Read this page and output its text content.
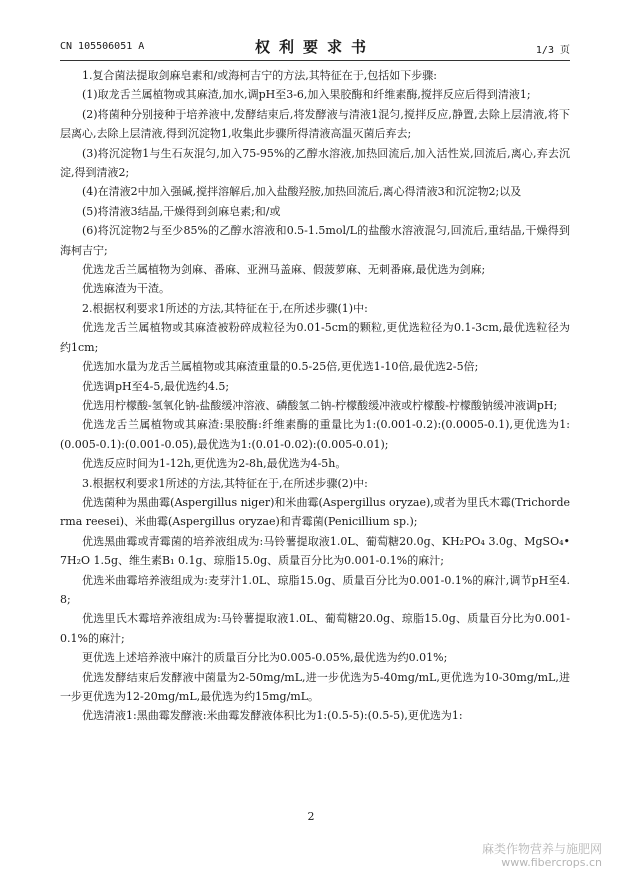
CN 105506051 A	权利要求书	1/3 页

1.复合菌法提取剑麻皂素和/或海柯吉宁的方法,其特征在于,包括如下步骤:

(1)取龙舌兰属植物或其麻渣,加水,调pH至3-6,加入果胶酶和纤维素酶,搅拌反应后得到清液1;

(2)将菌种分别接种于培养液中,发酵结束后,将发酵液与清液1混匀,搅拌反应,静置,去除上层清液,将下层离心,去除上层清液,得到沉淀物1,收集此步骤所得清液高温灭菌后弃去;

(3)将沉淀物1与生石灰混匀,加入75-95%的乙醇水溶液,加热回流后,加入活性炭,回流后,离心,弃去沉淀,得到清液2;

(4)在清液2中加入强碱,搅拌溶解后,加入盐酸羟胺,加热回流后,离心得清液3和沉淀物2;以及

(5)将清液3结晶,干燥得到剑麻皂素;和/或

(6)将沉淀物2与至少85%的乙醇水溶液和0.5-1.5mol/L的盐酸水溶液混匀,回流后,重结晶,干燥得到海柯吉宁;

优选龙舌兰属植物为剑麻、番麻、亚洲马盖麻、假菠萝麻、无刺番麻,最优选为剑麻;

优选麻渣为干渣。

2.根据权利要求1所述的方法,其特征在于,在所述步骤(1)中:

优选龙舌兰属植物或其麻渣被粉碎成粒径为0.01-5cm的颗粒,更优选粒径为0.1-3cm,最优选粒径为约1cm;

优选加水量为龙舌兰属植物或其麻渣重量的0.5-25倍,更优选1-10倍,最优选2-5倍;

优选调pH至4-5,最优选约4.5;

优选用柠檬酸-氢氧化钠-盐酸缓冲溶液、磷酸氢二钠-柠檬酸缓冲液或柠檬酸-柠檬酸钠缓冲液调pH;

优选龙舌兰属植物或其麻渣:果胶酶:纤维素酶的重量比为1:(0.001-0.2):(0.0005-0.1),更优选为1:(0.005-0.1):(0.001-0.05),最优选为1:(0.01-0.02):(0.005-0.01);

优选反应时间为1-12h,更优选为2-8h,最优选为4-5h。

3.根据权利要求1所述的方法,其特征在于,在所述步骤(2)中:

优选菌种为黑曲霉(Aspergillus niger)和米曲霉(Aspergillus oryzae),或者为里氏木霉(Trichorderma reesei)、米曲霉(Aspergillus oryzae)和青霉菌(Penicillium sp.);

优选黑曲霉或青霉菌的培养液组成为:马铃薯提取液1.0L、葡萄糖20.0g、KH₂PO₄ 3.0g、MgSO₄•7H₂O 1.5g、维生素B₁ 0.1g、琼脂15.0g、质量百分比为0.001-0.1%的麻汁;

优选米曲霉培养液组成为:麦芽汁1.0L、琼脂15.0g、质量百分比为0.001-0.1%的麻汁,调节pH至4.8;

优选里氏木霉培养液组成为:马铃薯提取液1.0L、葡萄糖20.0g、琼脂15.0g、质量百分比为0.001-0.1%的麻汁;

更优选上述培养液中麻汁的质量百分比为0.005-0.05%,最优选为约0.01%;

优选发酵结束后发酵液中菌量为2-50mg/mL,进一步优选为5-40mg/mL,更优选为10-30mg/mL,进一步更优选为12-20mg/mL,最优选为约15mg/mL。

优选清液1:黑曲霉发酵液:米曲霉发酵液体积比为1:(0.5-5):(0.5-5),更优选为1:

2
麻类作物营养与施肥网
www.fibercrops.cn
